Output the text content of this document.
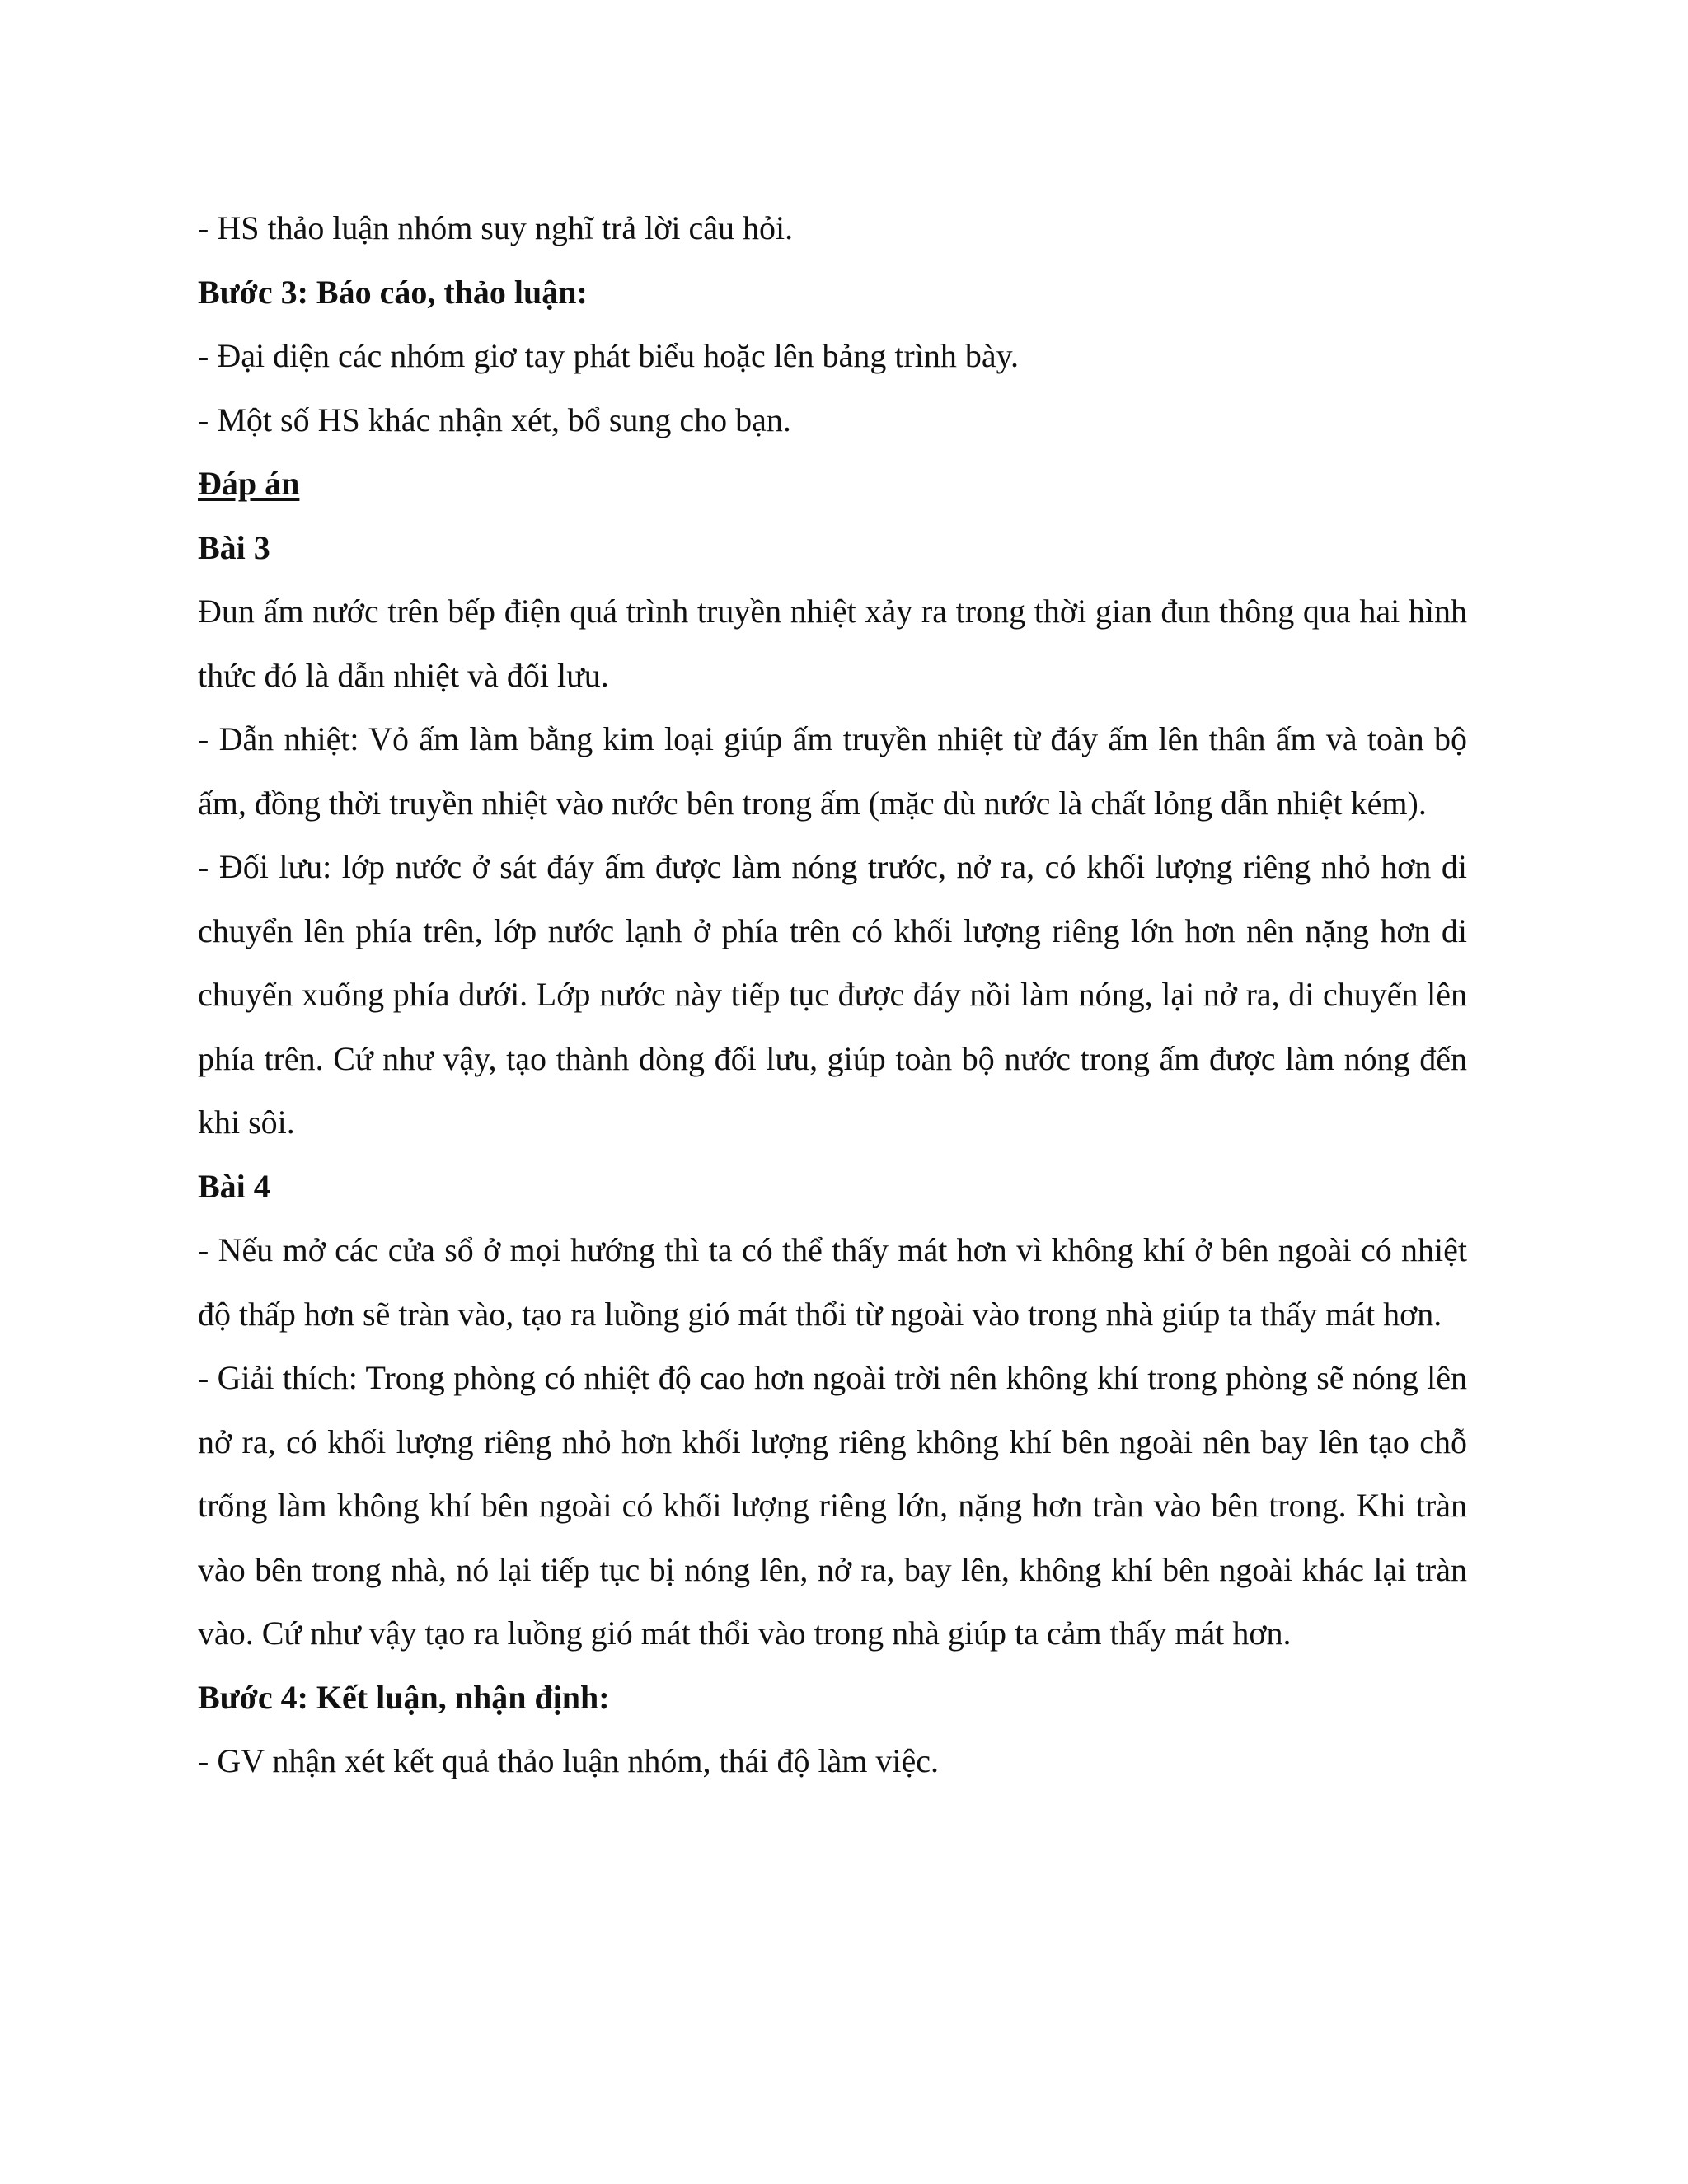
- HS thảo luận nhóm suy nghĩ trả lời câu hỏi.

Bước 3: Báo cáo, thảo luận:

- Đại diện các nhóm giơ tay phát biểu hoặc lên bảng trình bày.

- Một số HS khác nhận xét, bổ sung cho bạn.

Đáp án

Bài 3

Đun ấm nước trên bếp điện quá trình truyền nhiệt xảy ra trong thời gian đun thông qua hai hình thức đó là dẫn nhiệt và đối lưu.

- Dẫn nhiệt: Vỏ ấm làm bằng kim loại giúp ấm truyền nhiệt từ đáy ấm lên thân ấm và toàn bộ ấm, đồng thời truyền nhiệt vào nước bên trong ấm (mặc dù nước là chất lỏng dẫn nhiệt kém).

- Đối lưu: lớp nước ở sát đáy ấm được làm nóng trước, nở ra, có khối lượng riêng nhỏ hơn di chuyển lên phía trên, lớp nước lạnh ở phía trên có khối lượng riêng lớn hơn nên nặng hơn di chuyển xuống phía dưới. Lớp nước này tiếp tục được đáy nồi làm nóng, lại nở ra, di chuyển lên phía trên. Cứ như vậy, tạo thành dòng đối lưu, giúp toàn bộ nước trong ấm được làm nóng đến khi sôi.

Bài 4

- Nếu mở các cửa sổ ở mọi hướng thì ta có thể thấy mát hơn vì không khí ở bên ngoài có nhiệt độ thấp hơn sẽ tràn vào, tạo ra luồng gió mát thổi từ ngoài vào trong nhà giúp ta thấy mát hơn.

- Giải thích: Trong phòng có nhiệt độ cao hơn ngoài trời nên không khí trong phòng sẽ nóng lên nở ra, có khối lượng riêng nhỏ hơn khối lượng riêng không khí bên ngoài nên bay lên tạo chỗ trống làm không khí bên ngoài có khối lượng riêng lớn, nặng hơn tràn vào bên trong. Khi tràn vào bên trong nhà, nó lại tiếp tục bị nóng lên, nở ra, bay lên, không khí bên ngoài khác lại tràn vào. Cứ như vậy tạo ra luồng gió mát thổi vào trong nhà giúp ta cảm thấy mát hơn.

Bước 4: Kết luận, nhận định:

- GV nhận xét kết quả thảo luận nhóm, thái độ làm việc.
